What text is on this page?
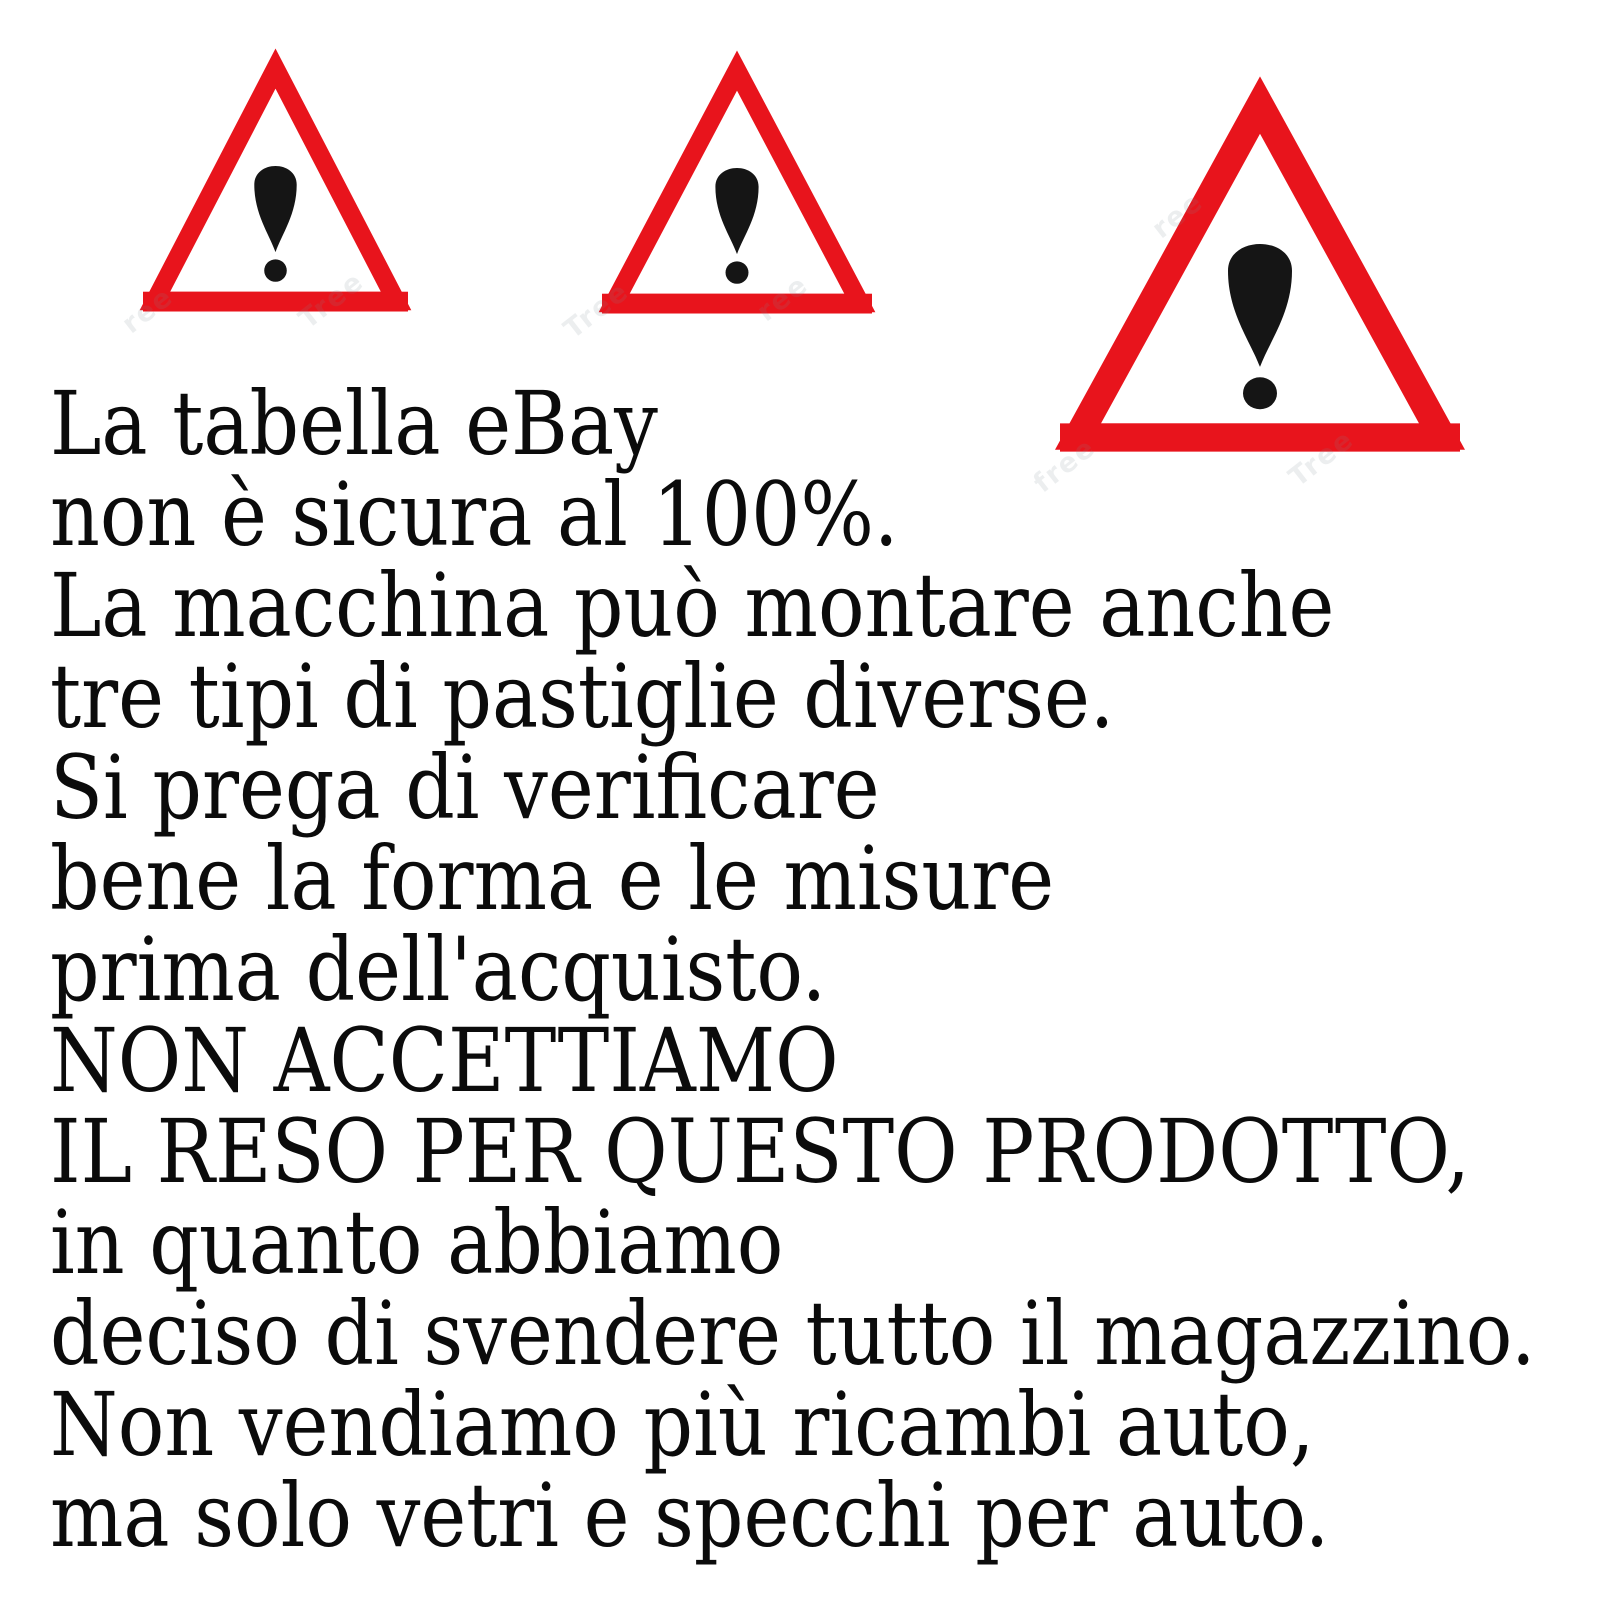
Tree
free	Tree
ree
La tabella eBay
non è sicura al 100%.
La macchina può montare anche
tre tipi di pastiglie diverse.
Si prega di verificare
bene la forma e le misure
prima dell'acquisto.
NON ACCETTIAMO
IL RESO PER QUESTO PRODOTTO,
in quanto abbiamo
deciso di svendere tutto il magazzino.
Non vendiamo più ricambi auto,
ma solo vetri e specchi per auto.
